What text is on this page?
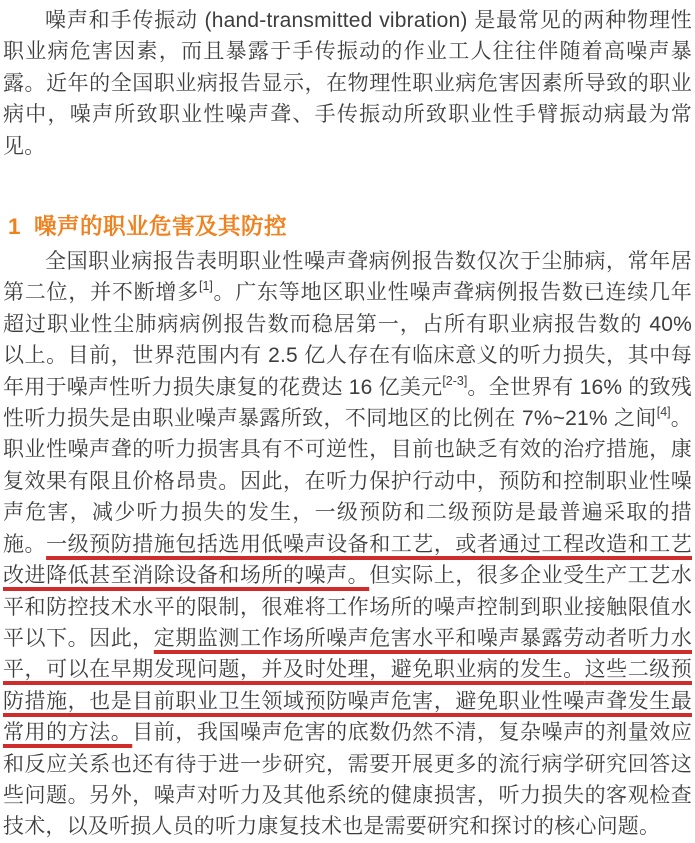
噪声和手传振动 (hand-transmitted vibration) 是最常见的两种物理性职业病危害因素，而且暴露于手传振动的作业工人往往伴随着高噪声暴露。近年的全国职业病报告显示，在物理性职业病危害因素所导致的职业病中，噪声所致职业性噪声聋、手传振动所致职业性手臂振动病最为常见。

1 噪声的职业危害及其防控

全国职业病报告表明职业性噪声聋病例报告数仅次于尘肺病，常年居第二位，并不断增多[1]。广东等地区职业性噪声聋病例报告数已连续几年超过职业性尘肺病病例报告数而稳居第一，占所有职业病报告数的 40% 以上。目前，世界范围内有 2.5 亿人存在有临床意义的听力损失，其中每年用于噪声性听力损失康复的花费达 16 亿美元[2-3]。全世界有 16% 的致残性听力损失是由职业噪声暴露所致，不同地区的比例在 7%~21% 之间[4]。职业性噪声聋的听力损害具有不可逆性，目前也缺乏有效的治疗措施，康复效果有限且价格昂贵。因此，在听力保护行动中，预防和控制职业性噪声危害，减少听力损失的发生，一级预防和二级预防是最普遍采取的措施。一级预防措施包括选用低噪声设备和工艺，或者通过工程改造和工艺改进降低甚至消除设备和场所的噪声。但实际上，很多企业受生产工艺水平和防控技术水平的限制，很难将工作场所的噪声控制到职业接触限值水平以下。因此，定期监测工作场所噪声危害水平和噪声暴露劳动者听力水平，可以在早期发现问题，并及时处理，避免职业病的发生。这些二级预防措施，也是目前职业卫生领域预防噪声危害，避免职业性噪声聋发生最常用的方法。目前，我国噪声危害的底数仍然不清，复杂噪声的剂量效应和反应关系也还有待于进一步研究，需要开展更多的流行病学研究回答这些问题。另外，噪声对听力及其他系统的健康损害，听力损失的客观检查技术，以及听损人员的听力康复技术也是需要研究和探讨的核心问题。
